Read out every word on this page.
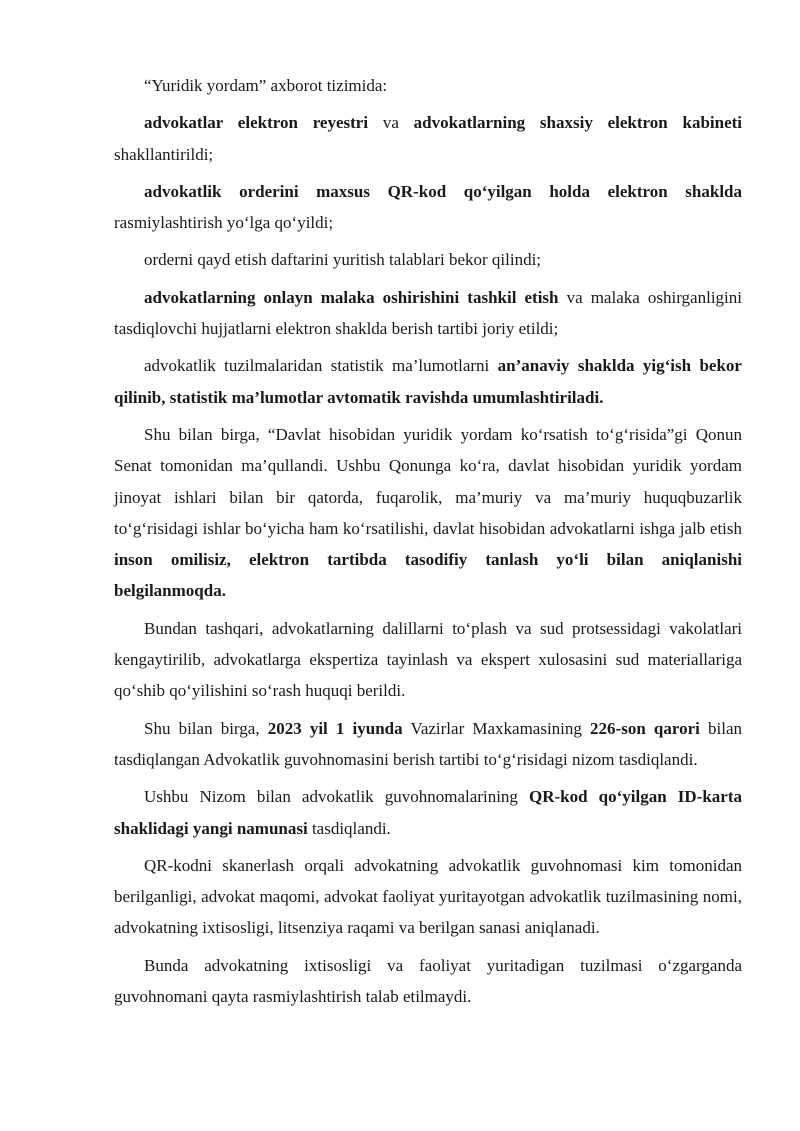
“Yuridik yordam” axborot tizimida:

advokatlar elektron reyestri va advokatlarning shaxsiy elektron kabineti shakllantirildi;

advokatlik orderini maxsus QR-kod qo‘yilgan holda elektron shaklda rasmiylashtirish yo‘lga qo‘yildi;

orderni qayd etish daftarini yuritish talablari bekor qilindi;

advokatlarning onlayn malaka oshirishini tashkil etish va malaka oshirganligini tasdiqlovchi hujjatlarni elektron shaklda berish tartibi joriy etildi;

advokatlik tuzilmalaridan statistik ma’lumotlarni an’anaviy shaklda yig‘ish bekor qilinib, statistik ma’lumotlar avtomatik ravishda umumlashtiriladi.

Shu bilan birga, “Davlat hisobidan yuridik yordam ko‘rsatish to‘g‘risida”gi Qonun Senat tomonidan ma’qullandi. Ushbu Qonunga ko‘ra, davlat hisobidan yuridik yordam jinoyat ishlari bilan bir qatorda, fuqarolik, ma’muriy va ma’muriy huquqbuzarlik to‘g‘risidagi ishlar bo‘yicha ham ko‘rsatilishi, davlat hisobidan advokatlarni ishga jalb etish inson omilisiz, elektron tartibda tasodifiy tanlash yo‘li bilan aniqlanishi belgilanmoqda.

Bundan tashqari, advokatlarning dalillarni to‘plash va sud protsessidagi vakolatlari kengaytirilib, advokatlarga ekspertiza tayinlash va ekspert xulosasini sud materiallariga qo‘shib qo‘yilishini so‘rash huquqi berildi.

Shu bilan birga, 2023 yil 1 iyunda Vazirlar Maxkamasining 226-son qarori bilan tasdiqlangan Advokatlik guvohnomasini berish tartibi to‘g‘risidagi nizom tasdiqlandi.

Ushbu Nizom bilan advokatlik guvohnomalarining QR-kod qo‘yilgan ID-karta shaklidagi yangi namunasi tasdiqlandi.

QR-kodni skanerlash orqali advokatning advokatlik guvohnomasi kim tomonidan berilganligi, advokat maqomi, advokat faoliyat yuritayotgan advokatlik tuzilmasining nomi, advokatning ixtisosligi, litsenziya raqami va berilgan sanasi aniqlanadi.

Bunda advokatning ixtisosligi va faoliyat yuritadigan tuzilmasi o‘zgarganda guvohnomani qayta rasmiylashtirish talab etilmaydi.
